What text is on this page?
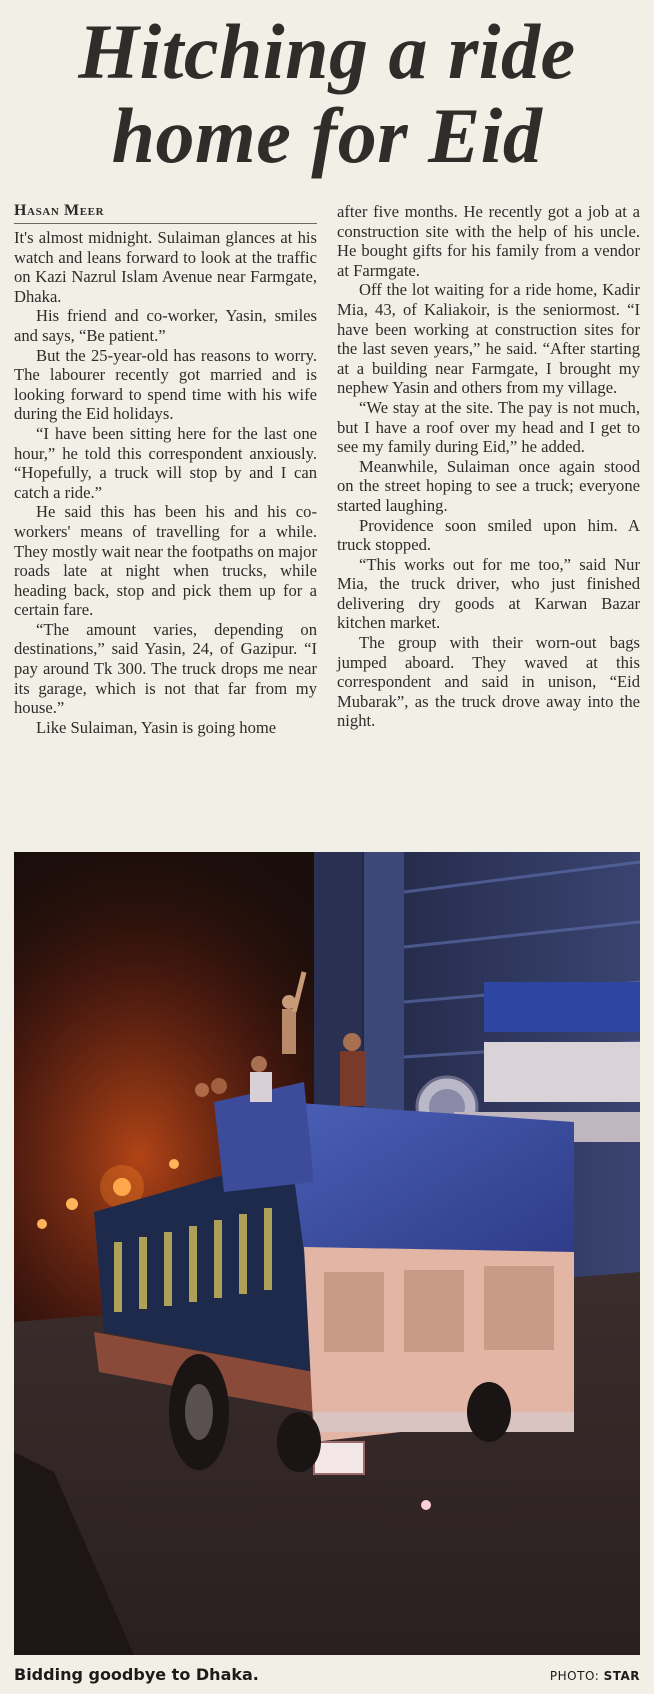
Hitching a ride
home for Eid
Hasan Meer

It's almost midnight. Sulaiman glances at his watch and leans forward to look at the traffic on Kazi Nazrul Islam Avenue near Farmgate, Dhaka.

His friend and co-worker, Yasin, smiles and says, “Be patient.”

But the 25-year-old has reasons to worry. The labourer recently got married and is looking forward to spend time with his wife during the Eid holidays.

“I have been sitting here for the last one hour,” he told this correspondent anxiously. “Hopefully, a truck will stop by and I can catch a ride.”

He said this has been his and his co-workers' means of travelling for a while. They mostly wait near the footpaths on major roads late at night when trucks, while heading back, stop and pick them up for a certain fare.

“The amount varies, depending on destinations,” said Yasin, 24, of Gazipur. “I pay around Tk 300. The truck drops me near its garage, which is not that far from my house.”

Like Sulaiman, Yasin is going home

after five months. He recently got a job at a construction site with the help of his uncle. He bought gifts for his family from a vendor at Farmgate.

Off the lot waiting for a ride home, Kadir Mia, 43, of Kaliakoir, is the seniormost. “I have been working at construction sites for the last seven years,” he said. “After starting at a building near Farmgate, I brought my nephew Yasin and others from my village.

“We stay at the site. The pay is not much, but I have a roof over my head and I get to see my family during Eid,” he added.

Meanwhile, Sulaiman once again stood on the street hoping to see a truck; everyone started laughing.

Providence soon smiled upon him. A truck stopped.

“This works out for me too,” said Nur Mia, the truck driver, who just finished delivering dry goods at Karwan Bazar kitchen market.

The group with their worn-out bags jumped aboard. They waved at this correspondent and said in unison, “Eid Mubarak”, as the truck drove away into the night.

Bidding goodbye to Dhaka.	PHOTO: STAR
